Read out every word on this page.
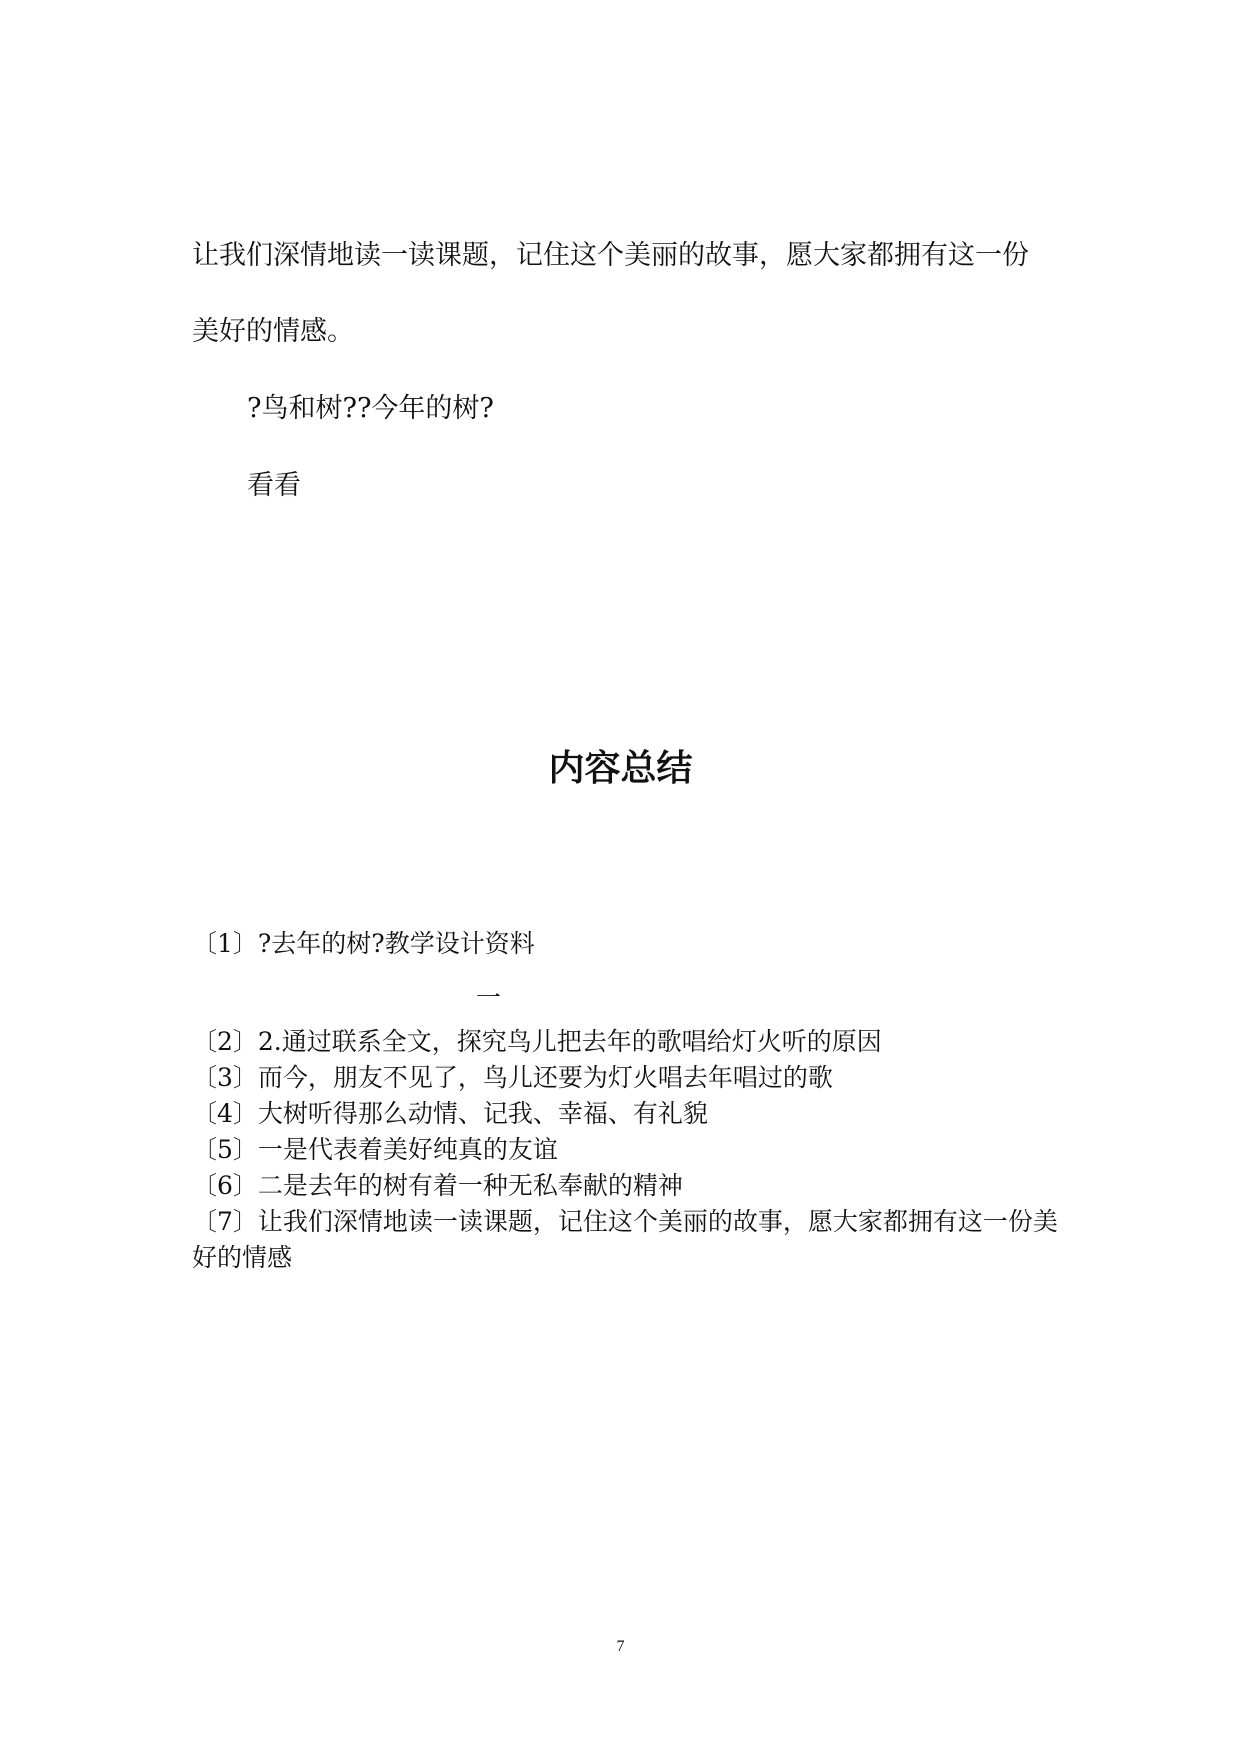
让我们深情地读一读课题，记住这个美丽的故事，愿大家都拥有这一份美好的情感。

?鸟和树??今年的树?

看看

内容总结

〔1〕?去年的树?教学设计资料

一

〔2〕2.通过联系全文，探究鸟儿把去年的歌唱给灯火听的原因

〔3〕而今，朋友不见了，鸟儿还要为灯火唱去年唱过的歌

〔4〕大树听得那么动情、记我、幸福、有礼貌

〔5〕一是代表着美好纯真的友谊

〔6〕二是去年的树有着一种无私奉献的精神

〔7〕让我们深情地读一读课题，记住这个美丽的故事，愿大家都拥有这一份美好的情感

7
